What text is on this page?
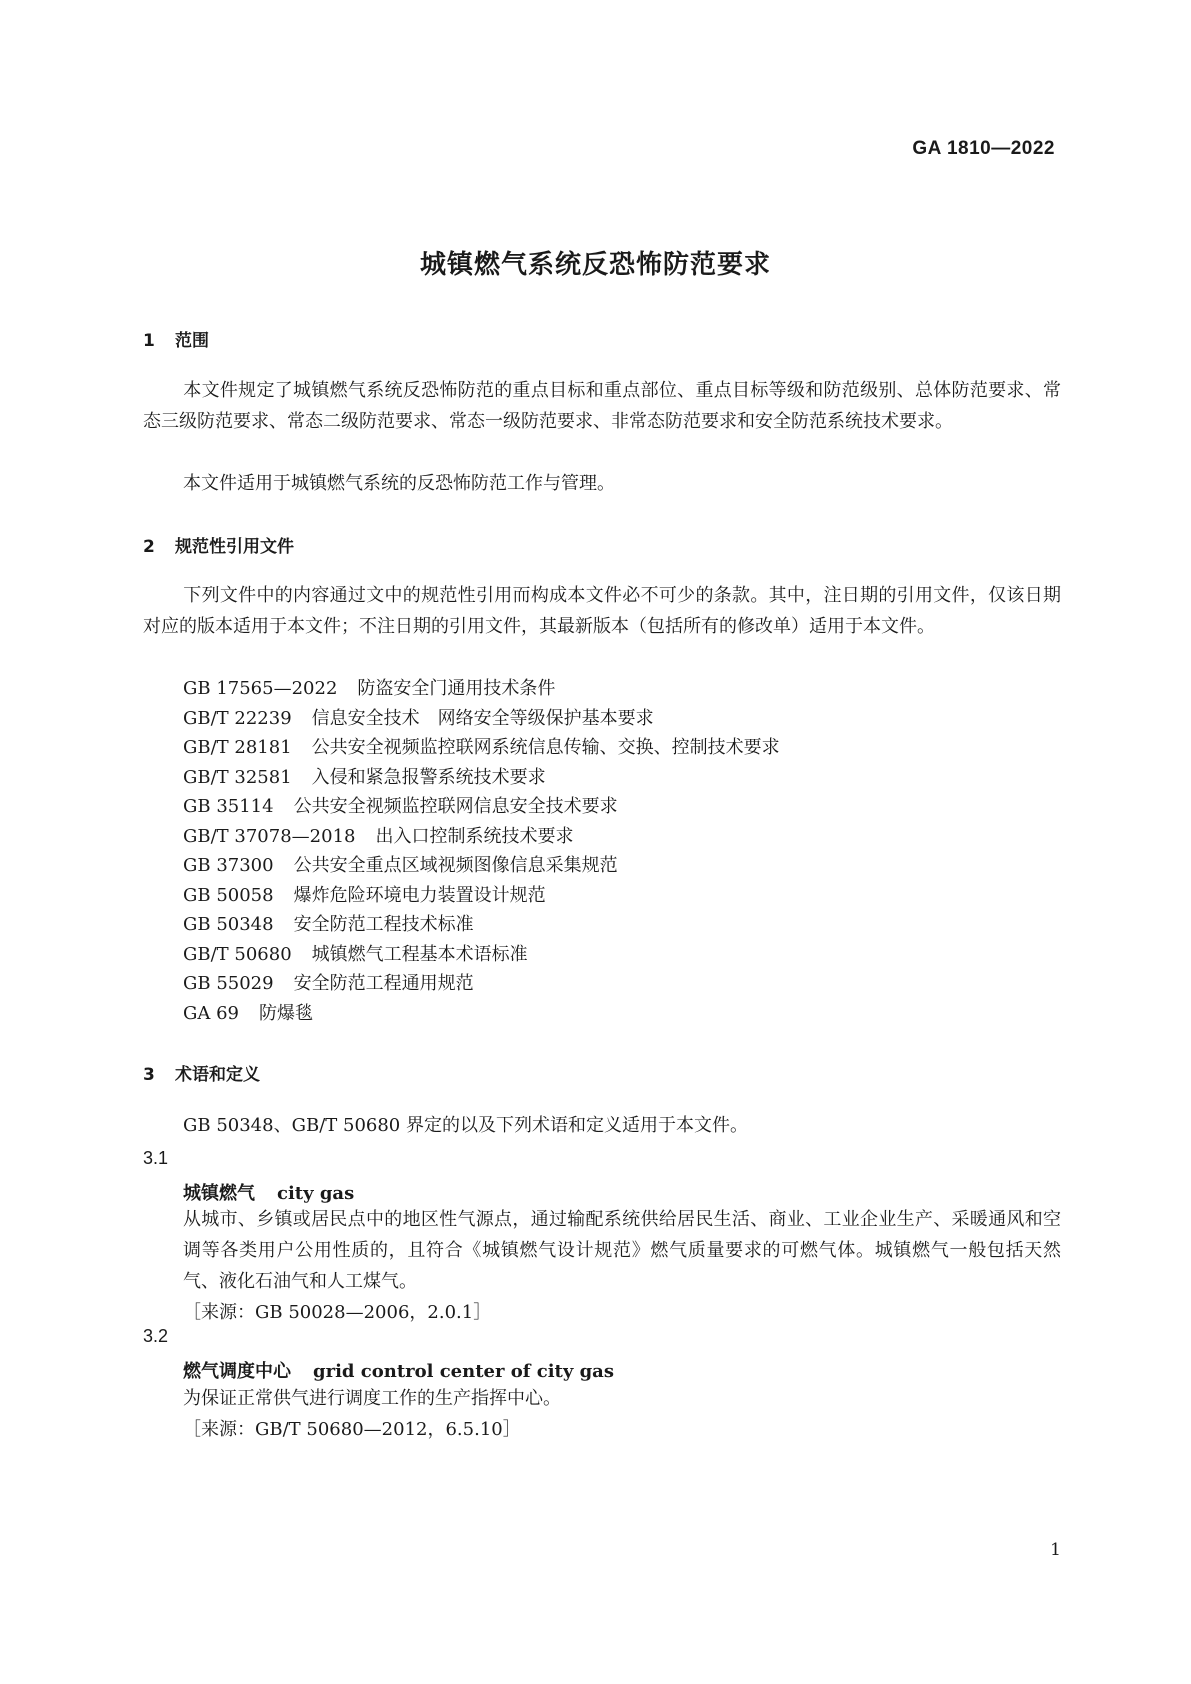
GA 1810—2022
城镇燃气系统反恐怖防范要求
1 范围
本文件规定了城镇燃气系统反恐怖防范的重点目标和重点部位、重点目标等级和防范级别、总体防范要求、常态三级防范要求、常态二级防范要求、常态一级防范要求、非常态防范要求和安全防范系统技术要求。
本文件适用于城镇燃气系统的反恐怖防范工作与管理。
2 规范性引用文件
下列文件中的内容通过文中的规范性引用而构成本文件必不可少的条款。其中，注日期的引用文件，仅该日期对应的版本适用于本文件；不注日期的引用文件，其最新版本（包括所有的修改单）适用于本文件。
GB 17565—2022 防盗安全门通用技术条件
GB/T 22239 信息安全技术　网络安全等级保护基本要求
GB/T 28181 公共安全视频监控联网系统信息传输、交换、控制技术要求
GB/T 32581 入侵和紧急报警系统技术要求
GB 35114 公共安全视频监控联网信息安全技术要求
GB/T 37078—2018 出入口控制系统技术要求
GB 37300 公共安全重点区域视频图像信息采集规范
GB 50058 爆炸危险环境电力装置设计规范
GB 50348 安全防范工程技术标准
GB/T 50680 城镇燃气工程基本术语标准
GB 55029 安全防范工程通用规范
GA 69 防爆毯
3 术语和定义
GB 50348、GB/T 50680 界定的以及下列术语和定义适用于本文件。
3.1
城镇燃气 city gas
从城市、乡镇或居民点中的地区性气源点，通过输配系统供给居民生活、商业、工业企业生产、采暖通风和空调等各类用户公用性质的，且符合《城镇燃气设计规范》燃气质量要求的可燃气体。城镇燃气一般包括天然气、液化石油气和人工煤气。
［来源：GB 50028—2006，2.0.1］
3.2
燃气调度中心 grid control center of city gas
为保证正常供气进行调度工作的生产指挥中心。
［来源：GB/T 50680—2012，6.5.10］
1
